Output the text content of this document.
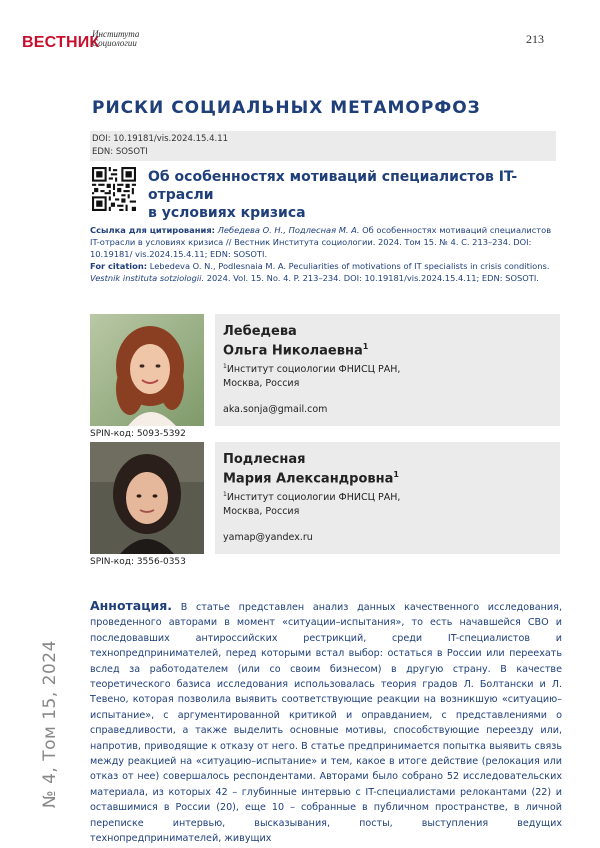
ВЕСТНИК
Института
Социологии	213
РИСКИ СОЦИАЛЬНЫХ МЕТАМОРФОЗ
DOI: 10.19181/vis.2024.15.4.11
EDN: SOSOTI
Об особенностях мотиваций специалистов IT-отрасли
в условиях кризиса
Ссылка для цитирования: Лебедева О. Н., Подлесная М. А. Об особенностях мотиваций специалистов IT-отрасли в условиях кризиса // Вестник Института социологии. 2024. Том 15. № 4. С. 213–234. DOI: 10.19181/ vis.2024.15.4.11; EDN: SOSOTI.
For citation: Lebedeva O. N., Podlesnaia M. A. Peculiarities of motivations of IT specialists in crisis conditions. Vestnik instituta sotziologii. 2024. Vol. 15. No. 4. P. 213–234. DOI: 10.19181/vis.2024.15.4.11; EDN: SOSOTI.
Лебедева
Ольга Николаевна$^1$
$^1$Институт социологии ФНИСЦ РАН,
Москва, Россия
aka.sonja@gmail.com
SPIN-код: 5093-5392
Подлесная
Мария Александровна$^1$
$^1$Институт социологии ФНИСЦ РАН,
Москва, Россия
yamap@yandex.ru
SPIN-код: 3556-0353
№ 4, Том 15, 2024
Аннотация. В статье представлен анализ данных качественного исследования, проведенного авторами в момент «ситуации–испытания», то есть начавшейся СВО и последовавших антироссийских рестрикций, среди IT-специалистов и технопредпринимателей, перед которыми встал выбор: остаться в России или переехать вслед за работодателем (или со своим бизнесом) в другую страну. В качестве теоретического базиса исследования использовалась теория градов Л. Болтански и Л. Тевено, которая позволила выявить соответствующие реакции на возникшую «ситуацию–испытание», с аргументированной критикой и оправданием, с представлениями о справедливости, а также выделить основные мотивы, способствующие переезду или, напротив, приводящие к отказу от него. В статье предпринимается попытка выявить связь между реакцией на «ситуацию–испытание» и тем, какое в итоге действие (релокация или отказ от нее) совершалось респондентами. Авторами было собрано 52 исследовательских материала, из которых 42 – глубинные интервью с IT-специалистами релокантами (22) и оставшимися в России (20), еще 10 – собранные в публичном пространстве, в личной переписке интервью, высказывания, посты, выступления ведущих технопредпринимателей, живущих
